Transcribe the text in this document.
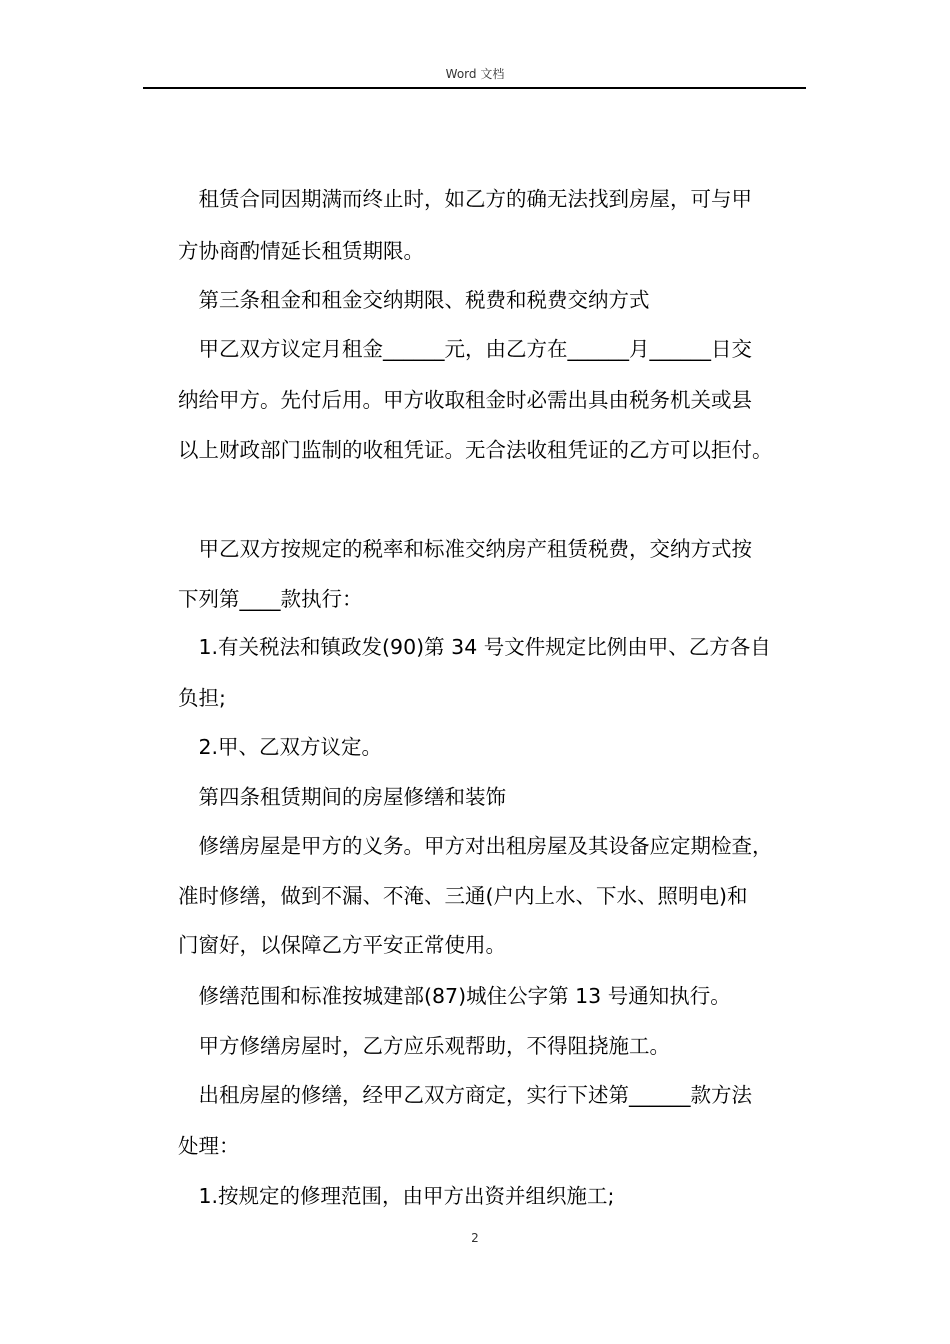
Word 文档
　租赁合同因期满而终止时，如乙方的确无法找到房屋，可与甲
方协商酌情延长租赁期限。
　第三条租金和租金交纳期限、税费和税费交纳方式
　甲乙双方议定月租金______元，由乙方在______月______日交
纳给甲方。先付后用。甲方收取租金时必需出具由税务机关或县
以上财政部门监制的收租凭证。无合法收租凭证的乙方可以拒付。
　甲乙双方按规定的税率和标准交纳房产租赁税费，交纳方式按
下列第____款执行：
　1.有关税法和镇政发(90)第 34 号文件规定比例由甲、乙方各自
负担;
　2.甲、乙双方议定。
　第四条租赁期间的房屋修缮和装饰
　修缮房屋是甲方的义务。甲方对出租房屋及其设备应定期检查，
准时修缮，做到不漏、不淹、三通(户内上水、下水、照明电)和
门窗好，以保障乙方平安正常使用。
　修缮范围和标准按城建部(87)城住公字第 13 号通知执行。
　甲方修缮房屋时，乙方应乐观帮助，不得阻挠施工。
　出租房屋的修缮，经甲乙双方商定，实行下述第______款方法
处理：
　1.按规定的修理范围，由甲方出资并组织施工;
2
